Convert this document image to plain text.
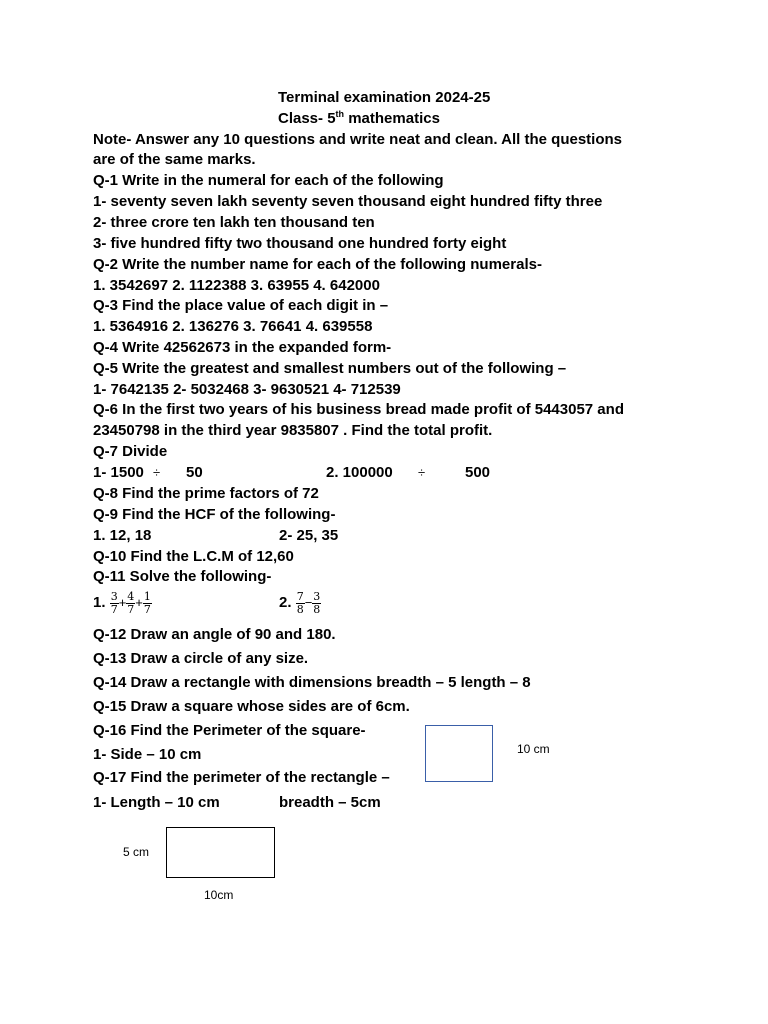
Terminal examination 2024-25
Class- 5th mathematics
Note- Answer any 10 questions and write neat and clean. All the questions
are of the same marks.
Q-1 Write in the numeral for each of the following
1- seventy seven lakh seventy seven thousand eight hundred fifty three
2- three crore ten lakh ten thousand ten
3- five hundred fifty two thousand one hundred forty eight
Q-2 Write the number name for each of the following numerals-
1. 3542697 2. 1122388 3. 63955 4. 642000
Q-3 Find the place value of each digit in –
1. 5364916 2. 136276 3. 76641 4. 639558
Q-4 Write 42562673 in the expanded form-
Q-5 Write the greatest and smallest numbers out of the following –
1- 7642135 2- 5032468 3- 9630521 4- 712539
Q-6 In the first two years of his business bread made profit of 5443057 and
23450798 in the third year 9835807 . Find the total profit.
Q-7 Divide
1- 1500 ÷ 50	2. 100000 ÷	500
Q-8 Find the prime factors of 72
Q-9 Find the HCF of the following-
1. 12, 18	2- 25, 35
Q-10 Find the L.C.M of 12,60
Q-11 Solve the following-
1. $\frac{3}{7} + \frac{4}{7} + \frac{1}{7}$	2. $\frac{7}{8} - \frac{3}{8}$
Q-12 Draw an angle of 90 and 180.
Q-13 Draw a circle of any size.
Q-14 Draw a rectangle with dimensions breadth – 5 length – 8
Q-15 Draw a square whose sides are of 6cm.
Q-16 Find the Perimeter of the square-
1- Side – 10 cm	10 cm
Q-17 Find the perimeter of the rectangle –
1- Length – 10 cm	breadth – 5cm
5 cm
10cm
